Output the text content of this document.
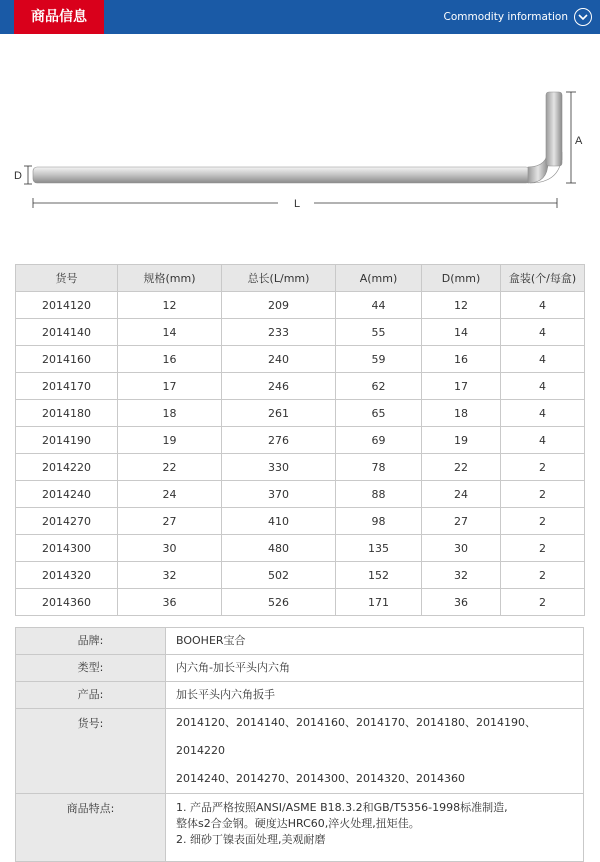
商品信息	Commodity information
D
L
A
货号	规格(mm)	总长(L/mm)	A(mm)	D(mm)	盒装(个/每盒)
2014120	12	209	44	12	4
2014140	14	233	55	14	4
2014160	16	240	59	16	4
2014170	17	246	62	17	4
2014180	18	261	65	18	4
2014190	19	276	69	19	4
2014220	22	330	78	22	2
2014240	24	370	88	24	2
2014270	27	410	98	27	2
2014300	30	480	135	30	2
2014320	32	502	152	32	2
2014360	36	526	171	36	2
品牌:	BOOHER宝合
类型:	内六角-加长平头内六角
产品:	加长平头内六角扳手
货号:	2014120、2014140、2014160、2014170、2014180、2014190、2014220
2014240、2014270、2014300、2014320、2014360

商品特点:	1. 产品严格按照ANSI/ASME B18.3.2和GB/T5356-1998标准制造,
整体s2合金钢。硬度达HRC60,淬火处理,扭矩佳。
2. 细砂丁镍表面处理,美观耐磨
